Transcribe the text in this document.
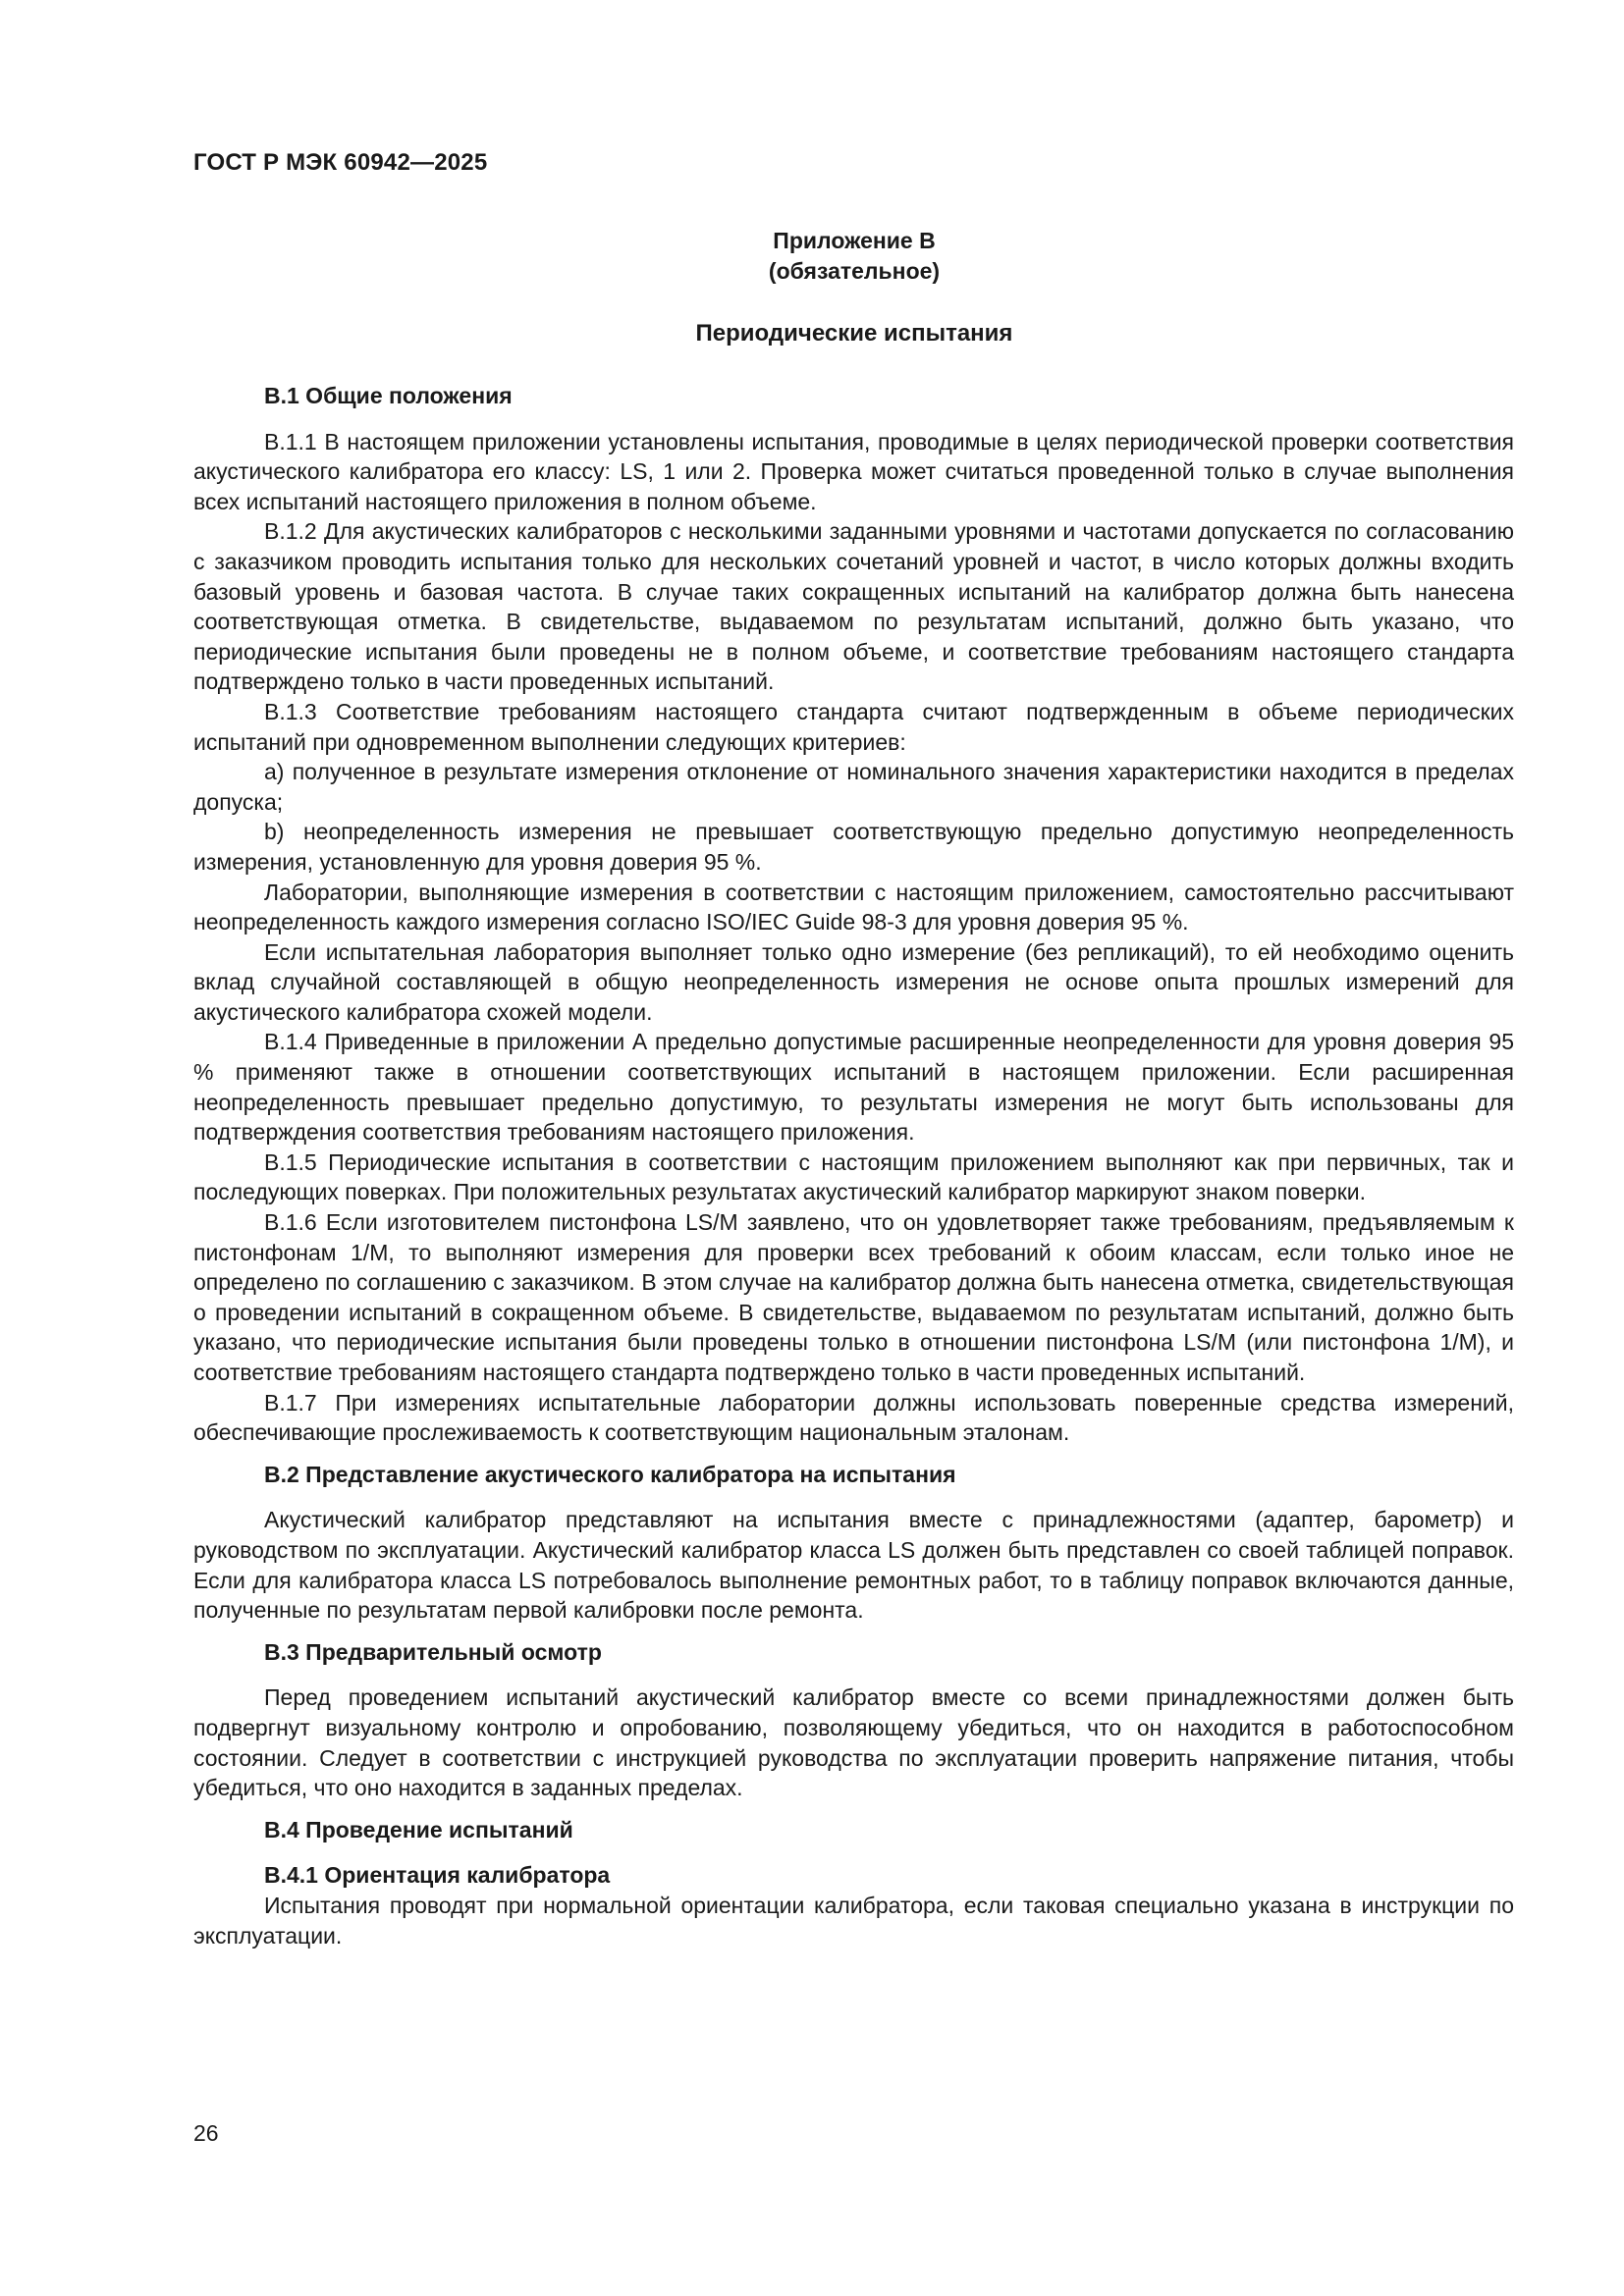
ГОСТ Р МЭК 60942—2025
Приложение В
(обязательное)
Периодические испытания
В.1 Общие положения

В.1.1 В настоящем приложении установлены испытания, проводимые в целях периодической проверки соответствия акустического калибратора его классу: LS, 1 или 2. Проверка может считаться проведенной только в случае выполнения всех испытаний настоящего приложения в полном объеме.

В.1.2 Для акустических калибраторов с несколькими заданными уровнями и частотами допускается по согласованию с заказчиком проводить испытания только для нескольких сочетаний уровней и частот, в число которых должны входить базовый уровень и базовая частота. В случае таких сокращенных испытаний на калибратор должна быть нанесена соответствующая отметка. В свидетельстве, выдаваемом по результатам испытаний, должно быть указано, что периодические испытания были проведены не в полном объеме, и соответствие требованиям настоящего стандарта подтверждено только в части проведенных испытаний.

В.1.3 Соответствие требованиям настоящего стандарта считают подтвержденным в объеме периодических испытаний при одновременном выполнении следующих критериев:

а) полученное в результате измерения отклонение от номинального значения характеристики находится в пределах допуска;

b) неопределенность измерения не превышает соответствующую предельно допустимую неопределенность измерения, установленную для уровня доверия 95 %.

Лаборатории, выполняющие измерения в соответствии с настоящим приложением, самостоятельно рассчитывают неопределенность каждого измерения согласно ISO/IEC Guide 98-3 для уровня доверия 95 %.

Если испытательная лаборатория выполняет только одно измерение (без репликаций), то ей необходимо оценить вклад случайной составляющей в общую неопределенность измерения не основе опыта прошлых измерений для акустического калибратора схожей модели.

В.1.4 Приведенные в приложении А предельно допустимые расширенные неопределенности для уровня доверия 95 % применяют также в отношении соответствующих испытаний в настоящем приложении. Если расширенная неопределенность превышает предельно допустимую, то результаты измерения не могут быть использованы для подтверждения соответствия требованиям настоящего приложения.

В.1.5 Периодические испытания в соответствии с настоящим приложением выполняют как при первичных, так и последующих поверках. При положительных результатах акустический калибратор маркируют знаком поверки.

В.1.6 Если изготовителем пистонфона LS/M заявлено, что он удовлетворяет также требованиям, предъявляемым к пистонфонам 1/М, то выполняют измерения для проверки всех требований к обоим классам, если только иное не определено по соглашению с заказчиком. В этом случае на калибратор должна быть нанесена отметка, свидетельствующая о проведении испытаний в сокращенном объеме. В свидетельстве, выдаваемом по результатам испытаний, должно быть указано, что периодические испытания были проведены только в отношении пистонфона LS/M (или пистонфона 1/М), и соответствие требованиям настоящего стандарта подтверждено только в части проведенных испытаний.

В.1.7 При измерениях испытательные лаборатории должны использовать поверенные средства измерений, обеспечивающие прослеживаемость к соответствующим национальным эталонам.

В.2 Представление акустического калибратора на испытания

Акустический калибратор представляют на испытания вместе с принадлежностями (адаптер, барометр) и руководством по эксплуатации. Акустический калибратор класса LS должен быть представлен со своей таблицей поправок. Если для калибратора класса LS потребовалось выполнение ремонтных работ, то в таблицу поправок включаются данные, полученные по результатам первой калибровки после ремонта.

В.3 Предварительный осмотр

Перед проведением испытаний акустический калибратор вместе со всеми принадлежностями должен быть подвергнут визуальному контролю и опробованию, позволяющему убедиться, что он находится в работоспособном состоянии. Следует в соответствии с инструкцией руководства по эксплуатации проверить напряжение питания, чтобы убедиться, что оно находится в заданных пределах.

В.4 Проведение испытаний
В.4.1 Ориентация калибратора

Испытания проводят при нормальной ориентации калибратора, если таковая специально указана в инструкции по эксплуатации.

26
